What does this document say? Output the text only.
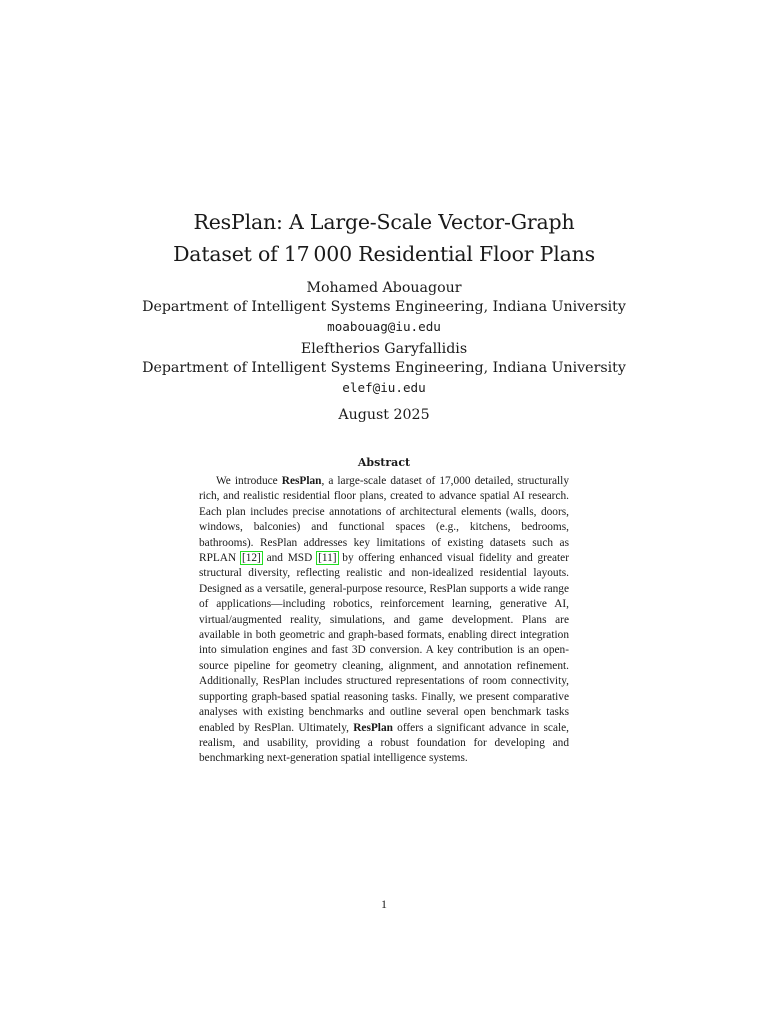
ResPlan: A Large-Scale Vector-Graph
Dataset of 17 000 Residential Floor Plans
Mohamed Abouagour
Department of Intelligent Systems Engineering, Indiana University
moabouag@iu.edu
Eleftherios Garyfallidis
Department of Intelligent Systems Engineering, Indiana University
elef@iu.edu
August 2025
Abstract
We introduce ResPlan, a large-scale dataset of 17,000 detailed, structurally rich, and realistic residential floor plans, created to advance spatial AI research. Each plan includes precise annotations of architectural elements (walls, doors, windows, balconies) and functional spaces (e.g., kitchens, bedrooms, bathrooms). ResPlan addresses key limitations of existing datasets such as RPLAN [12] and MSD [11] by offering enhanced visual fidelity and greater structural diversity, reflecting realistic and non-idealized residential layouts. Designed as a versatile, general-purpose resource, ResPlan supports a wide range of applications—including robotics, reinforcement learning, generative AI, virtual/augmented reality, simulations, and game development. Plans are available in both geometric and graph-based formats, enabling direct integration into simulation engines and fast 3D conversion. A key contribution is an open-source pipeline for geometry cleaning, alignment, and annotation refinement. Additionally, ResPlan includes structured representations of room connectivity, supporting graph-based spatial reasoning tasks. Finally, we present comparative analyses with existing benchmarks and outline several open benchmark tasks enabled by ResPlan. Ultimately, ResPlan offers a significant advance in scale, realism, and usability, providing a robust foundation for developing and benchmarking next-generation spatial intelligence systems.
1
